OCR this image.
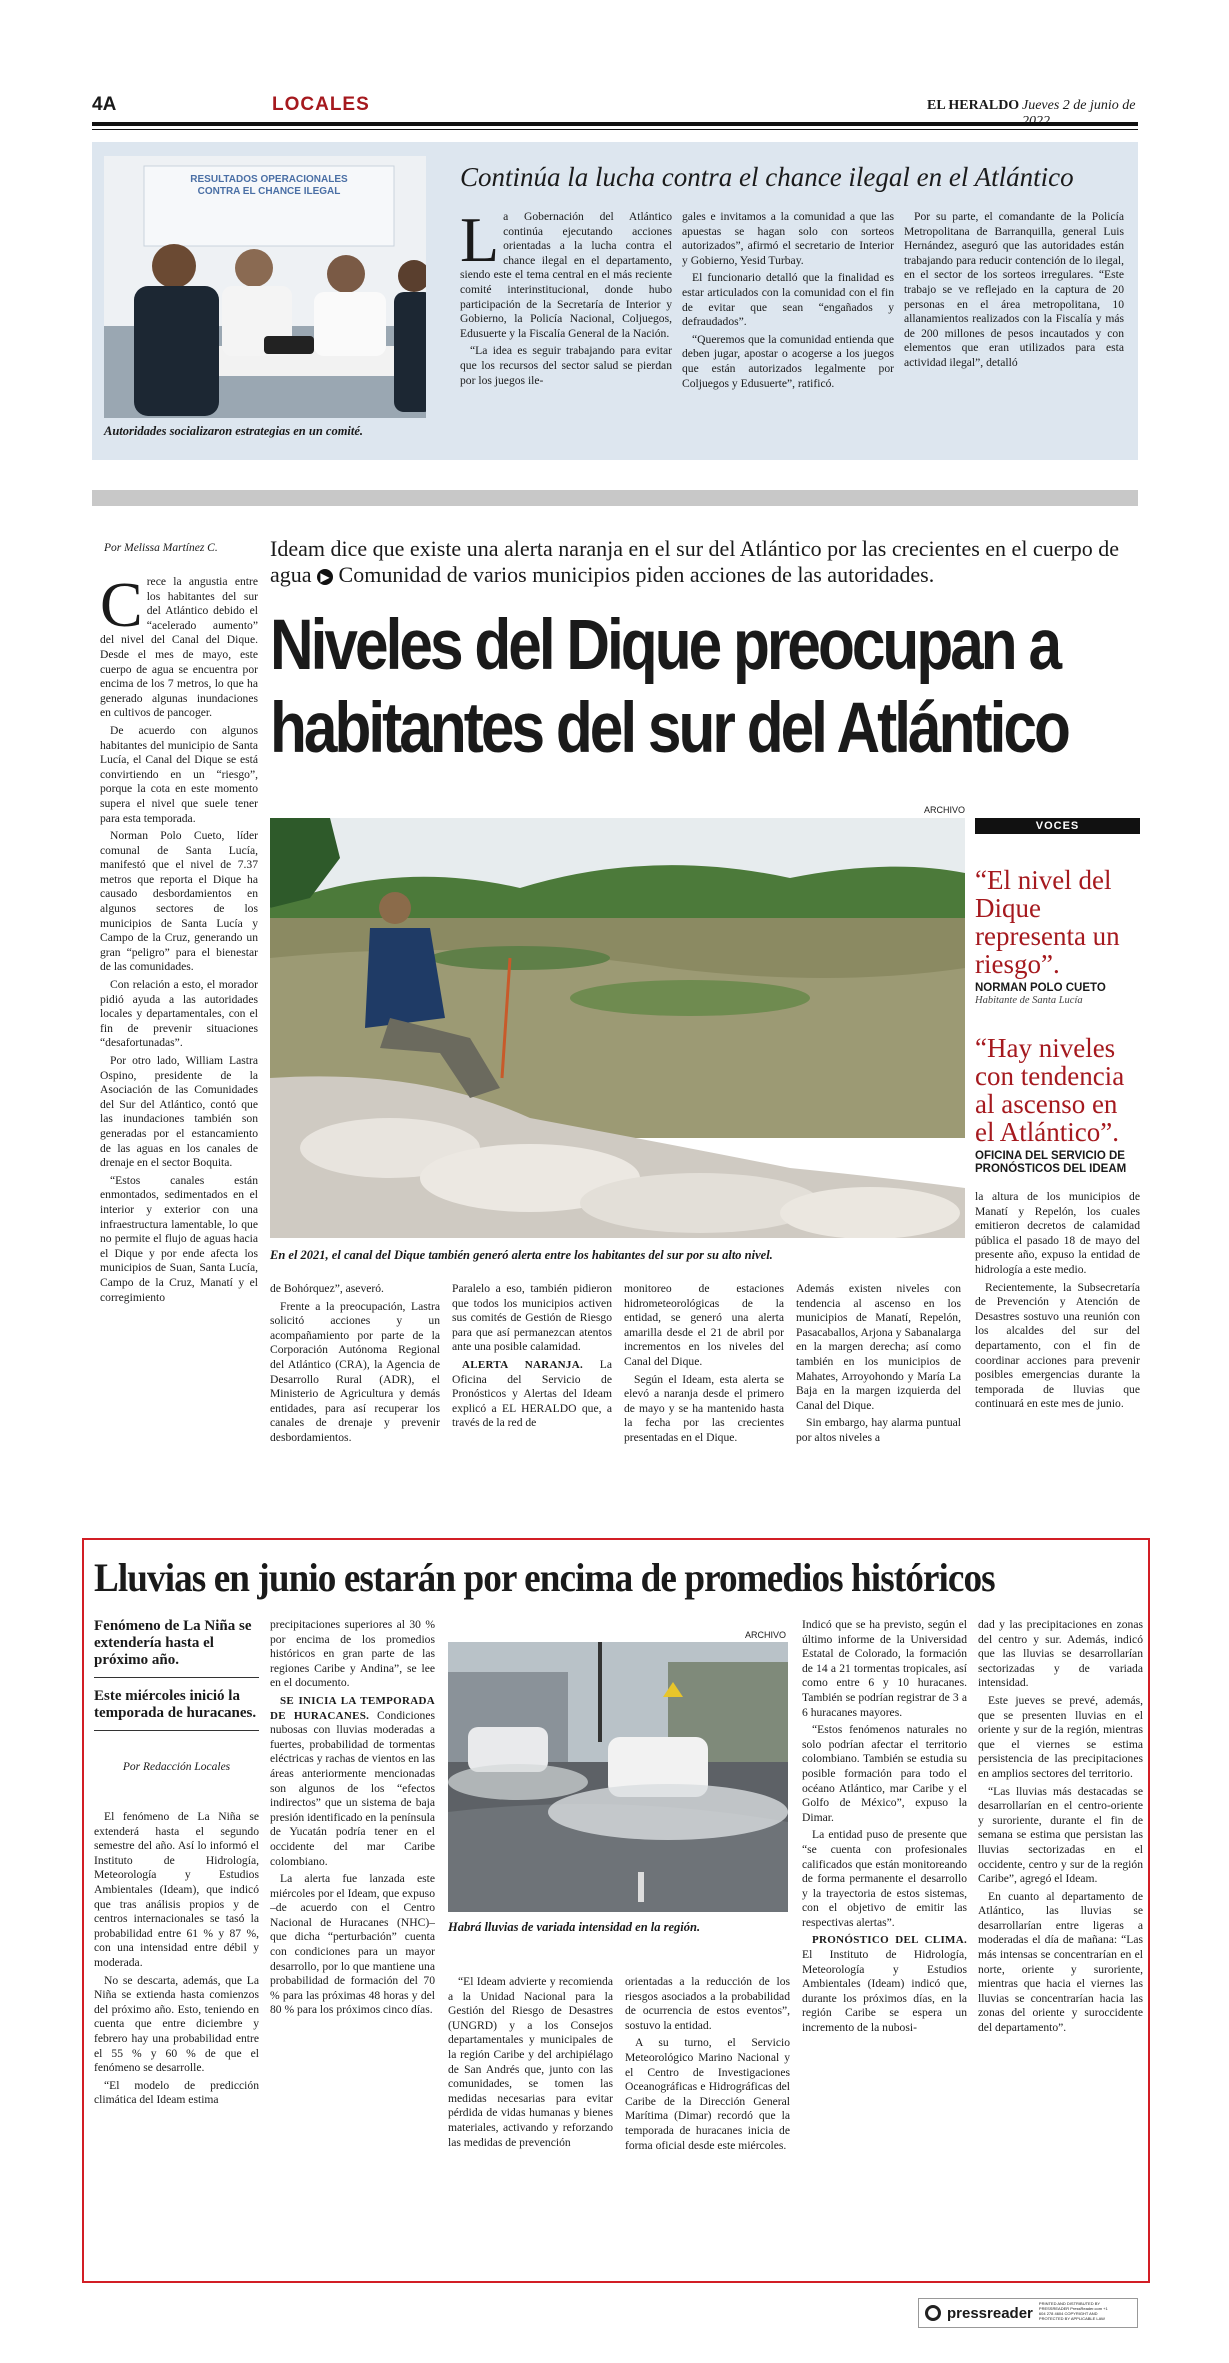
4A	LOCALES	EL HERALDO Jueves 2 de junio de
RESULTADOS OPERACIONALES CONTRA EL CHANCE ILEGAL
Autoridades socializaron estrategias en un comité.
Continúa la lucha contra el chance ilegal en el Atlántico
L a Gobernación del Atlántico continúa ejecutando acciones orientadas a la lucha contra el chance ilegal en el departamento, siendo este el tema central en el más reciente comité interinstitucional, donde hubo participación de la Secretaría de Interior y Gobierno, la Policía Nacional, Coljuegos, Edusuerte y la Fiscalía General de la Nación.

“La idea es seguir trabajando para evitar que los recursos del sector salud se pierdan por los juegos ile-

gales e invitamos a la comunidad a que las apuestas se hagan solo con sorteos autorizados”, afirmó el secretario de Interior y Gobierno, Yesid Turbay.

El funcionario detalló que la finalidad es estar articulados con la comunidad con el fin de evitar que sean “engañados y defraudados”.

“Queremos que la comunidad entienda que deben jugar, apostar o acogerse a los juegos que están autorizados legalmente por Coljuegos y Edusuerte”, ratificó.

Por su parte, el comandante de la Policía Metropolitana de Barranquilla, general Luis Hernández, aseguró que las autoridades están trabajando para reducir contención de lo ilegal, en el sector de los sorteos irregulares. “Este trabajo se ve reflejado en la captura de 20 personas en el área metropolitana, 10 allanamientos realizados con la Fiscalía y más de 200 millones de pesos incautados y con elementos que eran utilizados para esta actividad ilegal”, detalló

Por Melissa Martínez C. Ideam dice que existe una alerta naranja en el sur del Atlántico por las crecientes en el cuerpo de agua ▶ Comunidad de varios municipios piden acciones de las autoridades.
Niveles del Dique preocupan a habitantes del sur del Atlántico
C rece la angustia entre los habitantes del sur del Atlántico debido el “acelerado aumento” del nivel del Canal del Dique. Desde el mes de mayo, este cuerpo de agua se encuentra por encima de los 7 metros, lo que ha generado algunas inundaciones en cultivos de pancoger.

De acuerdo con algunos habitantes del municipio de Santa Lucía, el Canal del Dique se está convirtiendo en un “riesgo”, porque la cota en este momento supera el nivel que suele tener para esta temporada.

Norman Polo Cueto, líder comunal de Santa Lucía, manifestó que el nivel de 7.37 metros que reporta el Dique ha causado desbordamientos en algunos sectores de los municipios de Santa Lucía y Campo de la Cruz, generando un gran “peligro” para el bienestar de las comunidades.

Con relación a esto, el morador pidió ayuda a las autoridades locales y departamentales, con el fin de prevenir situaciones “desafortunadas”.

Por otro lado, William Lastra Ospino, presidente de la Asociación de las Comunidades del Sur del Atlántico, contó que las inundaciones también son generadas por el estancamiento de las aguas en los canales de drenaje en el sector Boquita.

“Estos canales están enmontados, sedimentados en el interior y exterior con una infraestructura lamentable, lo que no permite el flujo de aguas hacia el Dique y por ende afecta los municipios de Suan, Santa Lucía, Campo de la Cruz, Manatí y el corregimiento

ARCHIVO
En el 2021, el canal del Dique también generó alerta entre los habitantes del sur por su alto nivel.
VOCES
“El nivel del Dique representa un riesgo”.
NORMAN POLO CUETO
Habitante de Santa Lucía
“Hay niveles con tendencia al ascenso en el Atlántico”.
OFICINA DEL SERVICIO DE PRONÓSTICOS DEL IDEAM

de Bohórquez”, aseveró.

Frente a la preocupación, Lastra solicitó acciones y un acompañamiento por parte de la Corporación Autónoma Regional del Atlántico (CRA), la Agencia de Desarrollo Rural (ADR), el Ministerio de Agricultura y demás entidades, para así recuperar los canales de drenaje y prevenir desbordamientos.

Paralelo a eso, también pidieron que todos los municipios activen sus comités de Gestión de Riesgo para que así permanezcan atentos ante una posible calamidad.

ALERTA NARANJA. La Oficina del Servicio de Pronósticos y Alertas del Ideam explicó a EL HERALDO que, a través de la red de

monitoreo de estaciones hidrometeorológicas de la entidad, se generó una alerta amarilla desde el 21 de abril por incrementos en los niveles del Canal del Dique.

Según el Ideam, esta alerta se elevó a naranja desde el primero de mayo y se ha mantenido hasta la fecha por las crecientes presentadas en el Dique.

Además existen niveles con tendencia al ascenso en los municipios de Manatí, Repelón, Pasacaballos, Arjona y Sabanalarga en la margen derecha; así como también en los municipios de Mahates, Arroyohondo y María La Baja en la margen izquierda del Canal del Dique.

Sin embargo, hay alarma puntual por altos niveles a

la altura de los municipios de Manatí y Repelón, los cuales emitieron decretos de calamidad pública el pasado 18 de mayo del presente año, expuso la entidad de hidrología a este medio.

Recientemente, la Subsecretaría de Prevención y Atención de Desastres sostuvo una reunión con los alcaldes del sur del departamento, con el fin de coordinar acciones para prevenir posibles emergencias durante la temporada de lluvias que continuará en este mes de junio.

Lluvias en junio estarán por encima de promedios históricos
Fenómeno de La Niña se extendería hasta el próximo año.
Este miércoles inició la temporada de huracanes.
Por Redacción Locales

El fenómeno de La Niña se extenderá hasta el segundo semestre del año. Así lo informó el Instituto de Hidrología, Meteorología y Estudios Ambientales (Ideam), que indicó que tras análisis propios y de centros internacionales se tasó la probabilidad entre 61 % y 87 %, con una intensidad entre débil y moderada.

No se descarta, además, que La Niña se extienda hasta comienzos del próximo año. Esto, teniendo en cuenta que entre diciembre y febrero hay una probabilidad entre el 55 % y 60 % de que el fenómeno se desarrolle.

“El modelo de predicción climática del Ideam estima

precipitaciones superiores al 30 % por encima de los promedios históricos en gran parte de las regiones Caribe y Andina”, se lee en el documento.

SE INICIA LA TEMPORADA DE HURACANES. Condiciones nubosas con lluvias moderadas a fuertes, probabilidad de tormentas eléctricas y rachas de vientos en las áreas anteriormente mencionadas son algunos de los “efectos indirectos” que un sistema de baja presión identificado en la península de Yucatán podría tener en el occidente del mar Caribe colombiano.

La alerta fue lanzada este miércoles por el Ideam, que expuso –de acuerdo con el Centro Nacional de Huracanes (NHC)– que dicha “perturbación” cuenta con condiciones para un mayor desarrollo, por lo que mantiene una probabilidad de formación del 70 % para las próximas 48 horas y del 80 % para los próximos cinco días.

ARCHIVO
Habrá lluvias de variada intensidad en la región.

“El Ideam advierte y recomienda a la Unidad Nacional para la Gestión del Riesgo de Desastres (UNGRD) y a los Consejos departamentales y municipales de la región Caribe y del archipiélago de San Andrés que, junto con las comunidades, se tomen las medidas necesarias para evitar pérdida de vidas humanas y bienes materiales, activando y reforzando las medidas de prevención

orientadas a la reducción de los riesgos asociados a la probabilidad de ocurrencia de estos eventos”, sostuvo la entidad.

A su turno, el Servicio Meteorológico Marino Nacional y el Centro de Investigaciones Oceanográficas e Hidrográficas del Caribe de la Dirección General Marítima (Dimar) recordó que la temporada de huracanes inicia de forma oficial desde este miércoles.

Indicó que se ha previsto, según el último informe de la Universidad Estatal de Colorado, la formación de 14 a 21 tormentas tropicales, así como entre 6 y 10 huracanes. También se podrían registrar de 3 a 6 huracanes mayores.

“Estos fenómenos naturales no solo podrían afectar el territorio colombiano. También se estudia su posible formación para todo el océano Atlántico, mar Caribe y el Golfo de México”, expuso la Dimar.

La entidad puso de presente que “se cuenta con profesionales calificados que están monitoreando de forma permanente el desarrollo y la trayectoria de estos sistemas, con el objetivo de emitir las respectivas alertas”.

PRONÓSTICO DEL CLIMA. El Instituto de Hidrología, Meteorología y Estudios Ambientales (Ideam) indicó que, durante los próximos días, en la región Caribe se espera un incremento de la nubosi-

dad y las precipitaciones en zonas del centro y sur. Además, indicó que las lluvias se desarrollarían sectorizadas y de variada intensidad.

Este jueves se prevé, además, que se presenten lluvias en el oriente y sur de la región, mientras que el viernes se estima persistencia de las precipitaciones en amplios sectores del territorio.

“Las lluvias más destacadas se desarrollarían en el centro-oriente y suroriente, durante el fin de semana se estima que persistan las lluvias sectorizadas en el occidente, centro y sur de la región Caribe”, agregó el Ideam.

En cuanto al departamento de Atlántico, las lluvias se desarrollarían entre ligeras a moderadas el día de mañana: “Las más intensas se concentrarían en el norte, oriente y suroriente, mientras que hacia el viernes las lluvias se concentrarían hacia las zonas del oriente y suroccidente del departamento”.

pressreader
PRINTED AND DISTRIBUTED BY PRESSREADER PressReader.com +1 604 278 4604 COPYRIGHT AND PROTECTED BY APPLICABLE LAW
